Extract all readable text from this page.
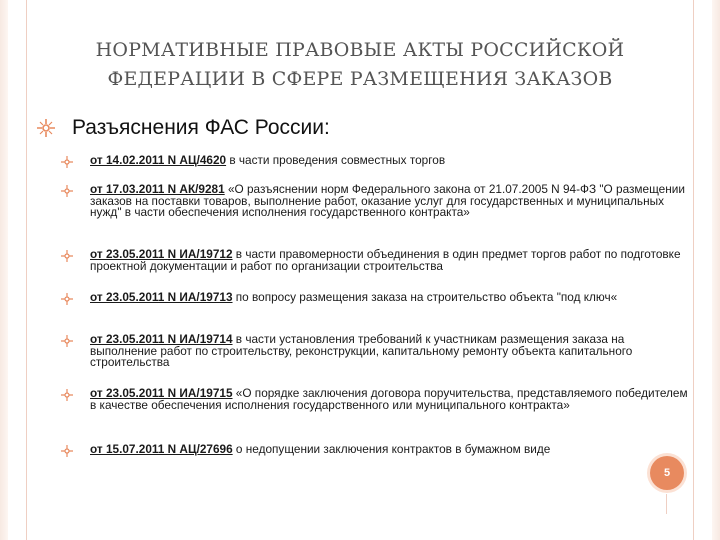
НОРМАТИВНЫЕ ПРАВОВЫЕ АКТЫ РОССИЙСКОЙ
ФЕДЕРАЦИИ В СФЕРЕ РАЗМЕЩЕНИЯ ЗАКАЗОВ
Разъяснения ФАС России:
от 14.02.2011 N АЦ/4620 в части проведения совместных торгов
от 17.03.2011 N АК/9281 «О разъяснении норм Федерального закона от 21.07.2005 N 94-ФЗ "О размещении заказов на поставки товаров, выполнение работ, оказание услуг для государственных и муниципальных нужд" в части обеспечения исполнения государственного контракта»
от 23.05.2011 N ИА/19712 в части правомерности объединения в один предмет торгов работ по подготовке проектной документации и работ по организации строительства
от 23.05.2011 N ИА/19713 по вопросу размещения заказа на строительство объекта "под ключ«
от 23.05.2011 N ИА/19714 в части установления требований к участникам размещения заказа на выполнение работ по строительству, реконструкции, капитальному ремонту объекта капитального строительства
от 23.05.2011 N ИА/19715 «О порядке заключения договора поручительства, представляемого победителем в качестве обеспечения исполнения государственного или муниципального контракта»
от 15.07.2011 N АЦ/27696 о недопущении заключения контрактов в бумажном виде
5
